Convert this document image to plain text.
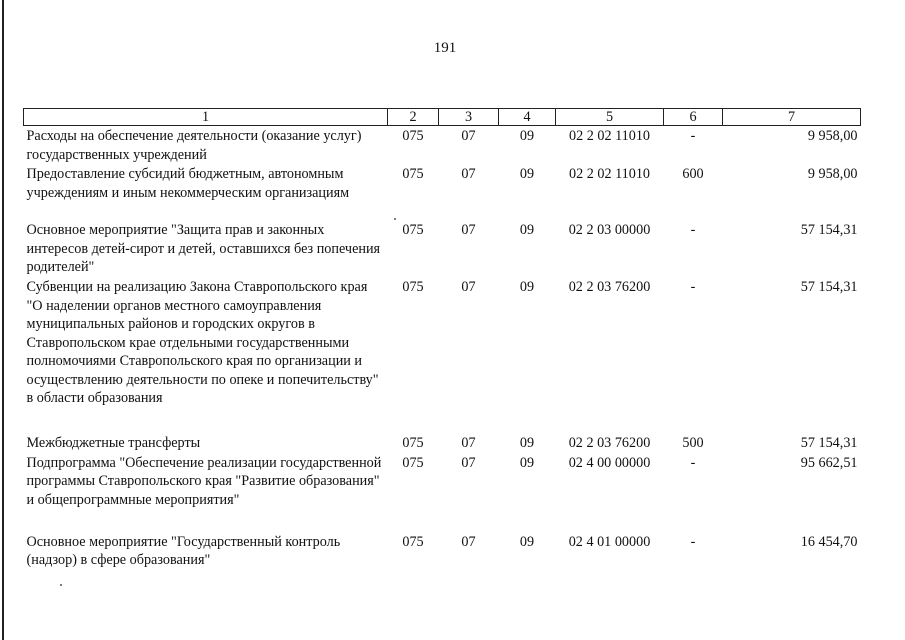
191
1	2	3	4	5	6	7
Расходы на обеспечение деятельности (оказание услуг) государственных учреждений	075	07	09	02 2 02 11010	-	9 958,00
Предоставление субсидий бюджетным, автономным учреждениям и иным некоммерческим организациям	075	07	09	02 2 02 11010	600	9 958,00
Основное мероприятие "Защита прав и законных интересов детей-сирот и детей, оставшихся без попечения родителей"	075	07	09	02 2 03 00000	-	57 154,31
Субвенции на реализацию Закона Ставропольского края "О наделении органов местного самоуправления муниципальных районов и городских округов в Ставропольском крае отдельными государственными полномочиями Ставропольского края по организации и осуществлению деятельности по опеке и попечительству" в области образования	075	07	09	02 2 03 76200	-	57 154,31
Межбюджетные трансферты	075	07	09	02 2 03 76200	500	57 154,31
Подпрограмма "Обеспечение реализации государственной программы Ставропольского края "Развитие образования" и общепрограммные мероприятия"	075	07	09	02 4 00 00000	-	95 662,51
Основное мероприятие "Государственный контроль (надзор) в сфере образования"	075	07	09	02 4 01 00000	-	16 454,70
